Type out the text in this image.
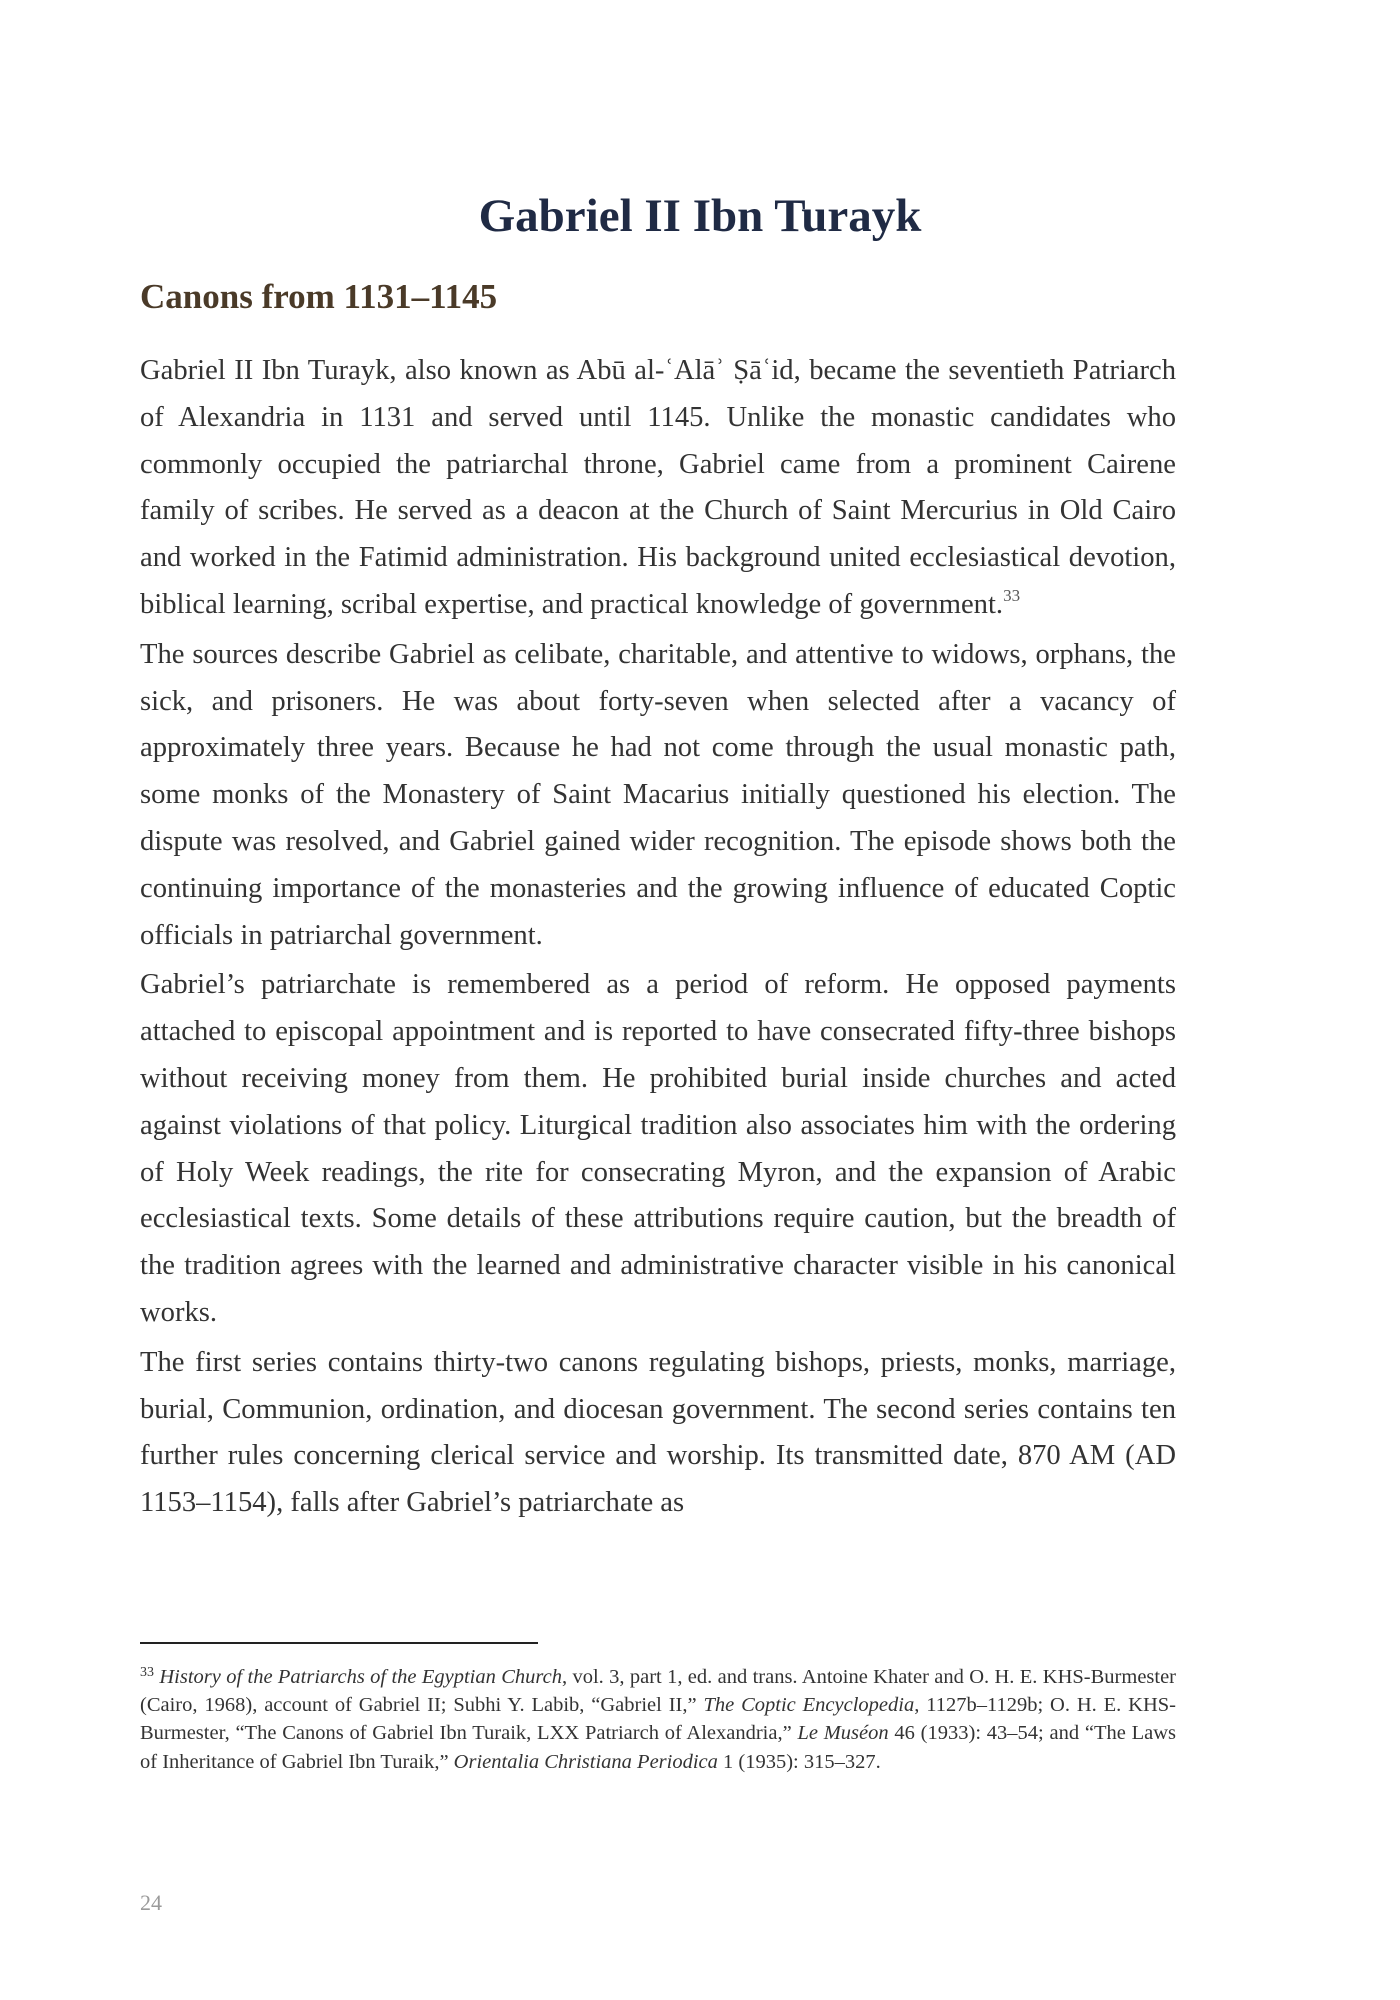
Gabriel II Ibn Turayk
Canons from 1131–1145

Gabriel II Ibn Turayk, also known as Abū al-ʿAlāʾ Ṣāʿid, became the seventieth Patriarch of Alexandria in 1131 and served until 1145. Unlike the monastic candidates who commonly occupied the patriarchal throne, Gabriel came from a prominent Cairene family of scribes. He served as a deacon at the Church of Saint Mercurius in Old Cairo and worked in the Fatimid administration. His background united ecclesiastical devotion, biblical learning, scribal expertise, and practical knowledge of government.$^{33}$

The sources describe Gabriel as celibate, charitable, and attentive to widows, orphans, the sick, and prisoners. He was about forty-seven when selected after a vacancy of approximately three years. Because he had not come through the usual monastic path, some monks of the Monastery of Saint Macarius initially questioned his election. The dispute was resolved, and Gabriel gained wider recognition. The episode shows both the continuing importance of the monasteries and the growing influence of educated Coptic officials in patriarchal government.

Gabriel’s patriarchate is remembered as a period of reform. He opposed payments attached to episcopal appointment and is reported to have consecrated fifty-three bishops without receiving money from them. He prohibited burial inside churches and acted against violations of that policy. Liturgical tradition also associates him with the ordering of Holy Week readings, the rite for consecrating Myron, and the expansion of Arabic ecclesiastical texts. Some details of these attributions require caution, but the breadth of the tradition agrees with the learned and administrative character visible in his canonical works.

The first series contains thirty-two canons regulating bishops, priests, monks, marriage, burial, Communion, ordination, and diocesan government. The second series contains ten further rules concerning clerical service and worship. Its transmitted date, 870 AM (AD 1153–1154), falls after Gabriel’s patriarchate as

$^{33}$ History of the Patriarchs of the Egyptian Church, vol. 3, part 1, ed. and trans. Antoine Khater and O. H. E. KHS-Burmester (Cairo, 1968), account of Gabriel II; Subhi Y. Labib, “Gabriel II,” The Coptic Encyclopedia, 1127b–1129b; O. H. E. KHS-Burmester, “The Canons of Gabriel Ibn Turaik, LXX Patriarch of Alexandria,” Le Muséon 46 (1933): 43–54; and “The Laws of Inheritance of Gabriel Ibn Turaik,” Orientalia Christiana Periodica 1 (1935): 315–327.

24
